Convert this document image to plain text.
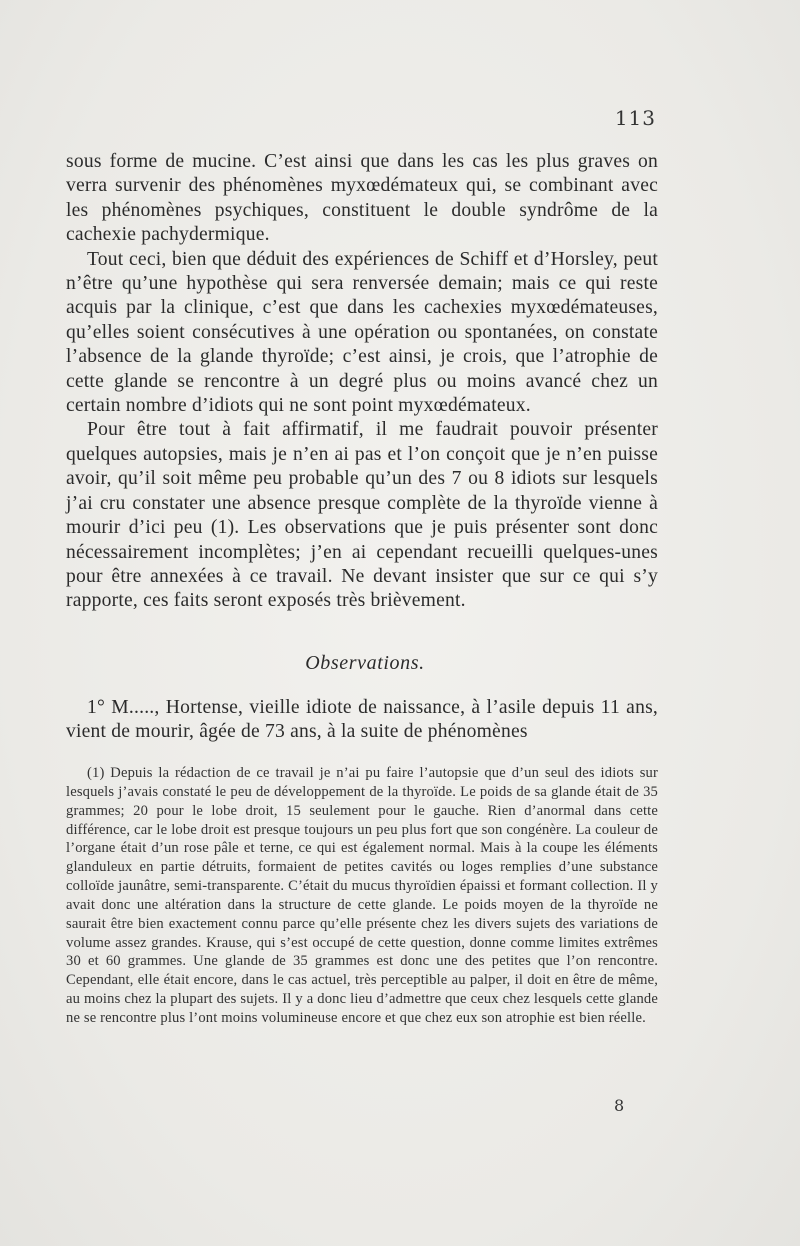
113

sous forme de mucine. C’est ainsi que dans les cas les plus graves on verra survenir des phénomènes myxœdémateux qui, se combinant avec les phénomènes psychiques, constituent le double syndrôme de la cachexie pachydermique.

Tout ceci, bien que déduit des expériences de Schiff et d’Horsley, peut n’être qu’une hypothèse qui sera renversée demain; mais ce qui reste acquis par la clinique, c’est que dans les cachexies myxœdémateuses, qu’elles soient consécutives à une opération ou spontanées, on constate l’absence de la glande thyroïde; c’est ainsi, je crois, que l’atrophie de cette glande se rencontre à un degré plus ou moins avancé chez un certain nombre d’idiots qui ne sont point myxœdémateux.

Pour être tout à fait affirmatif, il me faudrait pouvoir présenter quelques autopsies, mais je n’en ai pas et l’on conçoit que je n’en puisse avoir, qu’il soit même peu probable qu’un des 7 ou 8 idiots sur lesquels j’ai cru constater une absence presque complète de la thyroïde vienne à mourir d’ici peu (1). Les observations que je puis présenter sont donc nécessairement incomplètes; j’en ai cependant recueilli quelques-unes pour être annexées à ce travail. Ne devant insister que sur ce qui s’y rapporte, ces faits seront exposés très brièvement.

Observations.

1° M....., Hortense, vieille idiote de naissance, à l’asile depuis 11 ans, vient de mourir, âgée de 73 ans, à la suite de phénomènes

(1) Depuis la rédaction de ce travail je n’ai pu faire l’autopsie que d’un seul des idiots sur lesquels j’avais constaté le peu de développement de la thyroïde. Le poids de sa glande était de 35 grammes; 20 pour le lobe droit, 15 seulement pour le gauche. Rien d’anormal dans cette différence, car le lobe droit est presque toujours un peu plus fort que son congénère. La couleur de l’organe était d’un rose pâle et terne, ce qui est également normal. Mais à la coupe les éléments glanduleux en partie détruits, formaient de petites cavités ou loges remplies d’une substance colloïde jaunâtre, semi-transparente. C’était du mucus thyroïdien épaissi et formant collection. Il y avait donc une altération dans la structure de cette glande. Le poids moyen de la thyroïde ne saurait être bien exactement connu parce qu’elle présente chez les divers sujets des variations de volume assez grandes. Krause, qui s’est occupé de cette question, donne comme limites extrêmes 30 et 60 grammes. Une glande de 35 grammes est donc une des petites que l’on rencontre. Cependant, elle était encore, dans le cas actuel, très perceptible au palper, il doit en être de même, au moins chez la plupart des sujets. Il y a donc lieu d’admettre que ceux chez lesquels cette glande ne se rencontre plus l’ont moins volumineuse encore et que chez eux son atrophie est bien réelle.

8
